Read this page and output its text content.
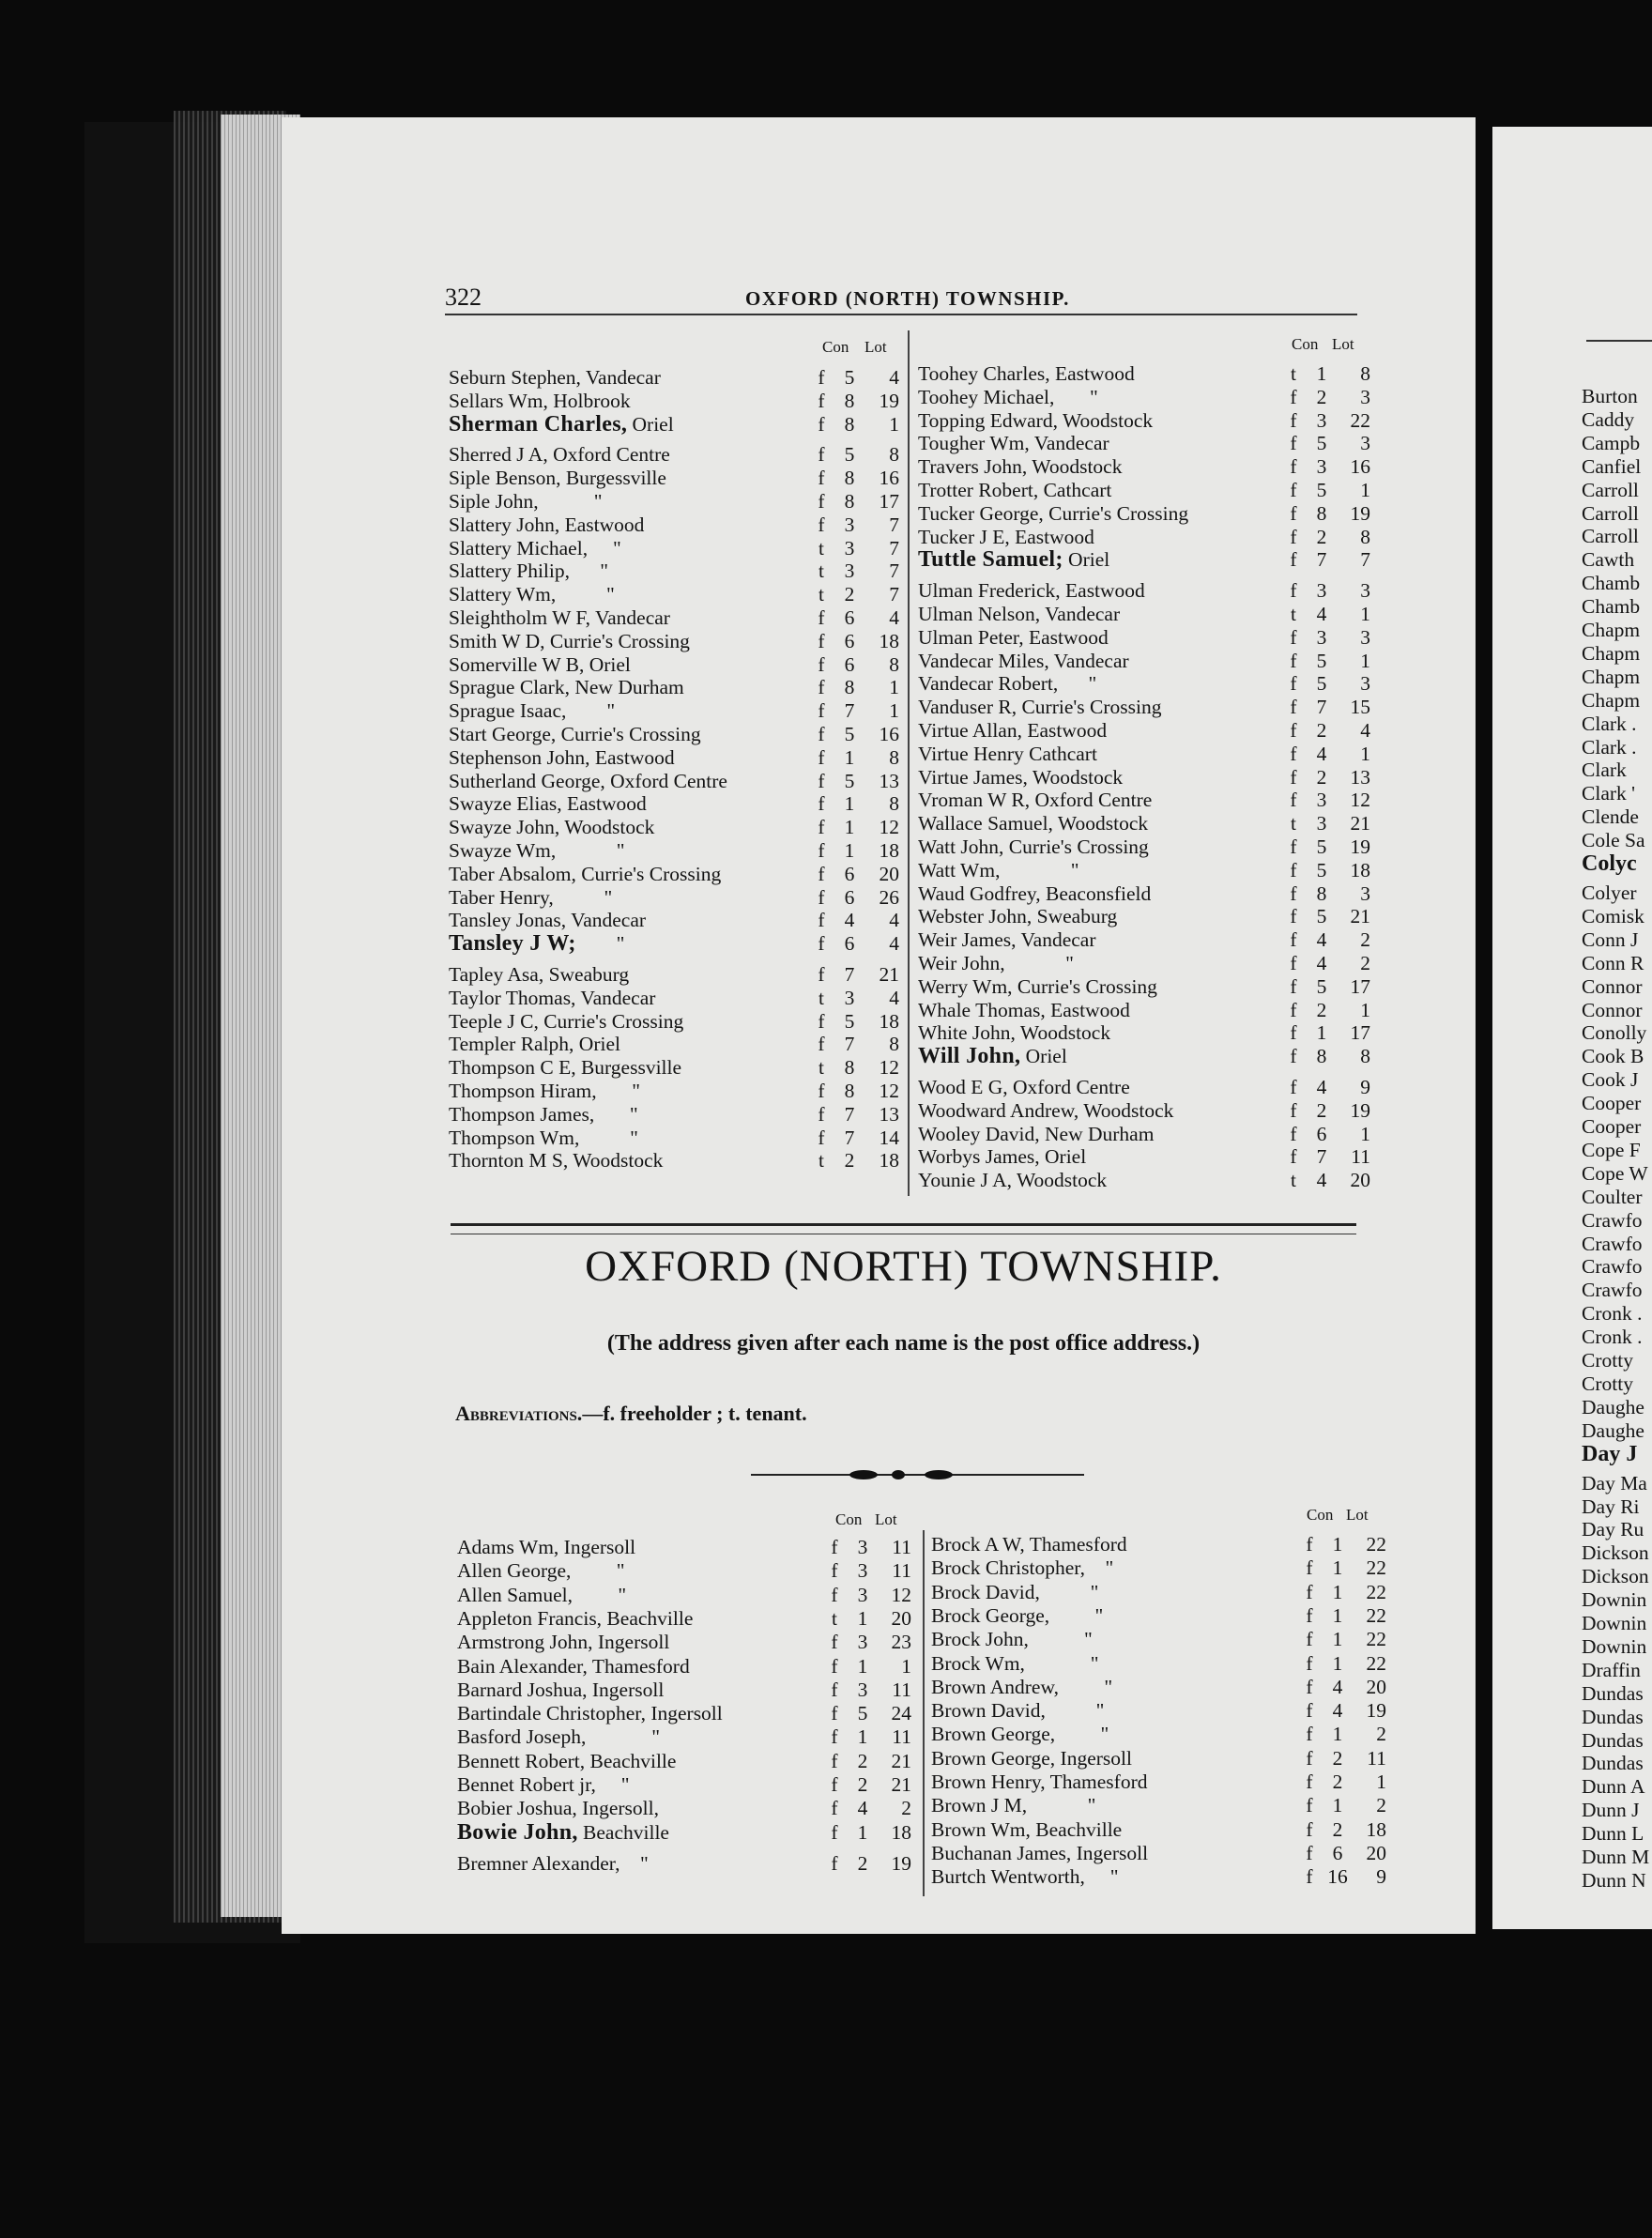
322	OXFORD (NORTH) TOWNSHIP.
Con Lot	Con Lot
Seburn Stephen, Vandecar	f 5	4
Sellars Wm, Holbrook	f 8	19
Sherman Charles, Oriel	f 8	1
Sherred J A, Oxford Centre	f 5	8
Siple Benson, Burgessville	f 8	16
Siple John,           "	f 8	17
Slattery John, Eastwood	f 3	7
Slattery Michael,     "	t	3	7
Slattery Philip,      "	t	3	7
Slattery Wm,          "	t	2	7
Sleightholm W F, Vandecar	f 6	4
Smith W D, Currie's Crossing	f 6	18
Somerville W B, Oriel	f 6	8
Sprague Clark, New Durham	f 8	1
Sprague Isaac,        "	f 7	1
Start George, Currie's Crossing	f 5	16
Stephenson John, Eastwood	f 1	8
Sutherland George, Oxford Centre	f 5	13
Swayze Elias, Eastwood	f 1	8
Swayze John, Woodstock	f 1	12
Swayze Wm,            "	f 1	18
Taber Absalom, Currie's Crossing	f 6	20
Taber Henry,          "	f 6	26
Tansley Jonas, Vandecar	f 4	4
Tansley J W;        "	f 6	4
Tapley Asa, Sweaburg	f 7	21
Taylor Thomas, Vandecar	t	3	4
Teeple J C, Currie's Crossing	f 5	18
Templer Ralph, Oriel	f 7	8
Thompson C E, Burgessville	t	8	12
Thompson Hiram,       "	f 8	12
Thompson James,       "	f 7	13
Thompson Wm,          "	f 7	14
Thornton M S, Woodstock	t	2	18
Toohey Charles, Eastwood	t	1	8
Toohey Michael,       "	f 2	3
Topping Edward, Woodstock	f 3	22
Tougher Wm, Vandecar	f 5	3
Travers John, Woodstock	f 3	16
Trotter Robert, Cathcart	f 5	1
Tucker George, Currie's Crossing	f 8	19
Tucker J E, Eastwood	f 2	8
Tuttle Samuel; Oriel	f 7	7
Ulman Frederick, Eastwood	f 3	3
Ulman Nelson, Vandecar	t	4	1
Ulman Peter, Eastwood	f 3	3
Vandecar Miles, Vandecar	f 5	1
Vandecar Robert,      "	f 5	3
Vanduser R, Currie's Crossing	f 7	15
Virtue Allan, Eastwood	f 2	4
Virtue Henry Cathcart	f 4	1
Virtue James, Woodstock	f 2	13
Vroman W R, Oxford Centre	f 3	12
Wallace Samuel, Woodstock	t	3	21
Watt John, Currie's Crossing	f 5	19
Watt Wm,              "	f 5	18
Waud Godfrey, Beaconsfield	f 8	3
Webster John, Sweaburg	f 5	21
Weir James, Vandecar	f 4	2
Weir John,            "	f 4	2
Werry Wm, Currie's Crossing	f 5	17
Whale Thomas, Eastwood	f 2	1
White John, Woodstock	f 1	17
Will John, Oriel	f 8	8
Wood E G, Oxford Centre	f 4	9
Woodward Andrew, Woodstock	f 2	19
Wooley David, New Durham	f 6	1
Worbys James, Oriel	f 7	11
Younie J A, Woodstock	t	4	20
OXFORD (NORTH) TOWNSHIP.
(The address given after each name is the post office address.)
Abbreviations.—f. freeholder ; t. tenant.
Con Lot	Con Lot
Adams Wm, Ingersoll	f 3	11
Allen George,         "	f 3	11
Allen Samuel,         "	f 3	12
Appleton Francis, Beachville	t	1	20
Armstrong John, Ingersoll	f 3	23
Bain Alexander, Thamesford	f 1	1
Barnard Joshua, Ingersoll	f 3	11
Bartindale Christopher, Ingersoll	f 5	24
Basford Joseph,             "	f 1	11
Bennett Robert, Beachville	f 2	21
Bennet Robert jr,     "	f 2	21
Bobier Joshua, Ingersoll,	f 4	2
Bowie John, Beachville	f 1	18
Bremner Alexander,    "	f 2	19
Brock A W, Thamesford	f 1	22
Brock Christopher,    "	f 1	22
Brock David,          "	f 1	22
Brock George,         "	f 1	22
Brock John,           "	f 1	22
Brock Wm,             "	f 1	22
Brown Andrew,         "	f 4	20
Brown David,          "	f 4	19
Brown George,         "	f 1	2
Brown George, Ingersoll	f 2	11
Brown Henry, Thamesford	f 2	1
Brown J M,            "	f 1	2
Brown Wm, Beachville	f 2	18
Buchanan James, Ingersoll	f 6	20
Burtch Wentworth,     "	f 16	9
Burton
Caddy
Campb
Canfiel
Carroll
Carroll
Carroll
Cawth
Chamb
Chamb
Chapm
Chapm
Chapm
Chapm
Clark .
Clark .
Clark
Clark '
Clende
Cole Sa
Colyc
Colyer
Comisk
Conn J
Conn R
Connor
Connor
Conolly
Cook B
Cook J
Cooper
Cooper
Cope F
Cope W
Coulter
Crawfo
Crawfo
Crawfo
Crawfo
Cronk .
Cronk .
Crotty
Crotty
Daughe
Daughe
Day J
Day Ma
Day Ri
Day Ru
Dickson
Dickson
Downin
Downin
Downin
Draffin
Dundas
Dundas
Dundas
Dundas
Dunn A
Dunn J
Dunn L
Dunn M
Dunn N
